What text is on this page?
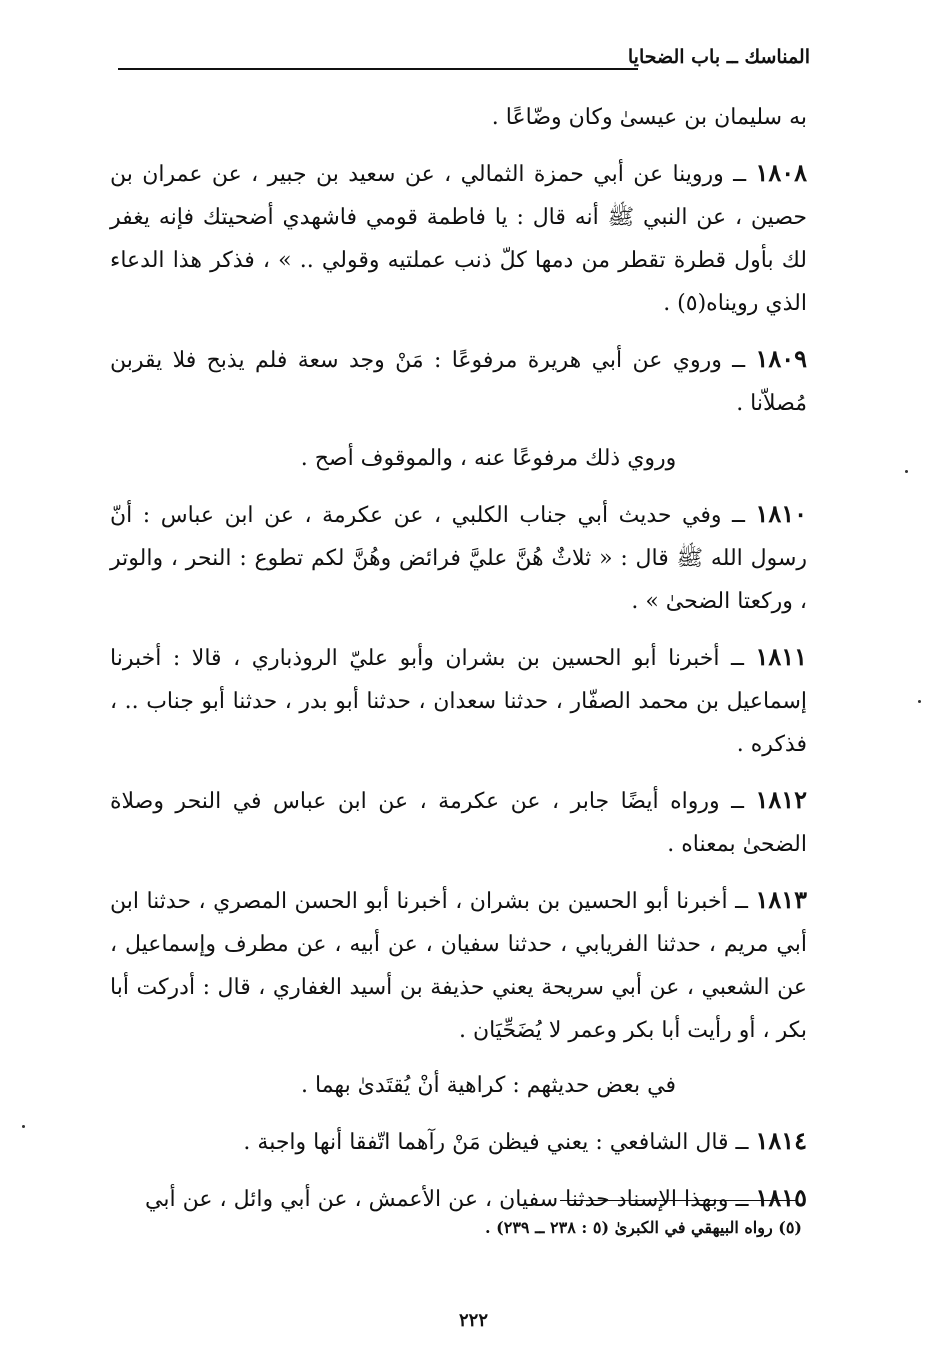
المناسك ــ باب الضحايا

به سليمان بن عيسىٰ وكان وضّاعًا .

١٨٠٨ ــ وروينا عن أبي حمزة الثمالي ، عن سعيد بن جبير ، عن عمران بن حصين ، عن النبي ﷺ أنه قال : يا فاطمة قومي فاشهدي أضحيتك فإنه يغفر لك بأول قطرة تقطر من دمها كلّ ذنب عملتيه وقولي .. » ، فذكر هذا الدعاء الذي رويناه(٥) .

١٨٠٩ ــ وروي عن أبي هريرة مرفوعًا : مَنْ وجد سعة فلم يذبح فلا يقربن مُصلاّنا .

وروي ذلك مرفوعًا عنه ، والموقوف أصح .

١٨١٠ ــ وفي حديث أبي جناب الكلبي ، عن عكرمة ، عن ابن عباس : أنّ رسول الله ﷺ قال : « ثلاثٌ هُنَّ عليَّ فرائض وهُنَّ لكم تطوع : النحر ، والوتر ، وركعتا الضحىٰ » .

١٨١١ ــ أخبرنا أبو الحسين بن بشران وأبو عليّ الروذباري ، قالا : أخبرنا إسماعيل بن محمد الصفّار ، حدثنا سعدان ، حدثنا أبو بدر ، حدثنا أبو جناب .. ، فذكره .

١٨١٢ ــ ورواه أيضًا جابر ، عن عكرمة ، عن ابن عباس في النحر وصلاة الضحىٰ بمعناه .

١٨١٣ ــ أخبرنا أبو الحسين بن بشران ، أخبرنا أبو الحسن المصري ، حدثنا ابن أبي مريم ، حدثنا الفريابي ، حدثنا سفيان ، عن أبيه ، عن مطرف وإسماعيل ، عن الشعبي ، عن أبي سريحة يعني حذيفة بن أسيد الغفاري ، قال : أدركت أبا بكر ، أو رأيت أبا بكر وعمر لا يُضَحِّيَان .

في بعض حديثهم : كراهية أنْ يُقتَدىٰ بهما .

١٨١٤ ــ قال الشافعي : يعني فيظن مَنْ رآهما اتّفقا أنها واجبة .

١٨١٥ ــ وبهذا الإسناد حدثنا سفيان ، عن الأعمش ، عن أبي وائل ، عن أبي

(٥) رواه البيهقي في الكبرىٰ (٥ : ٢٣٨ ــ ٢٣٩) .
٢٢٢
